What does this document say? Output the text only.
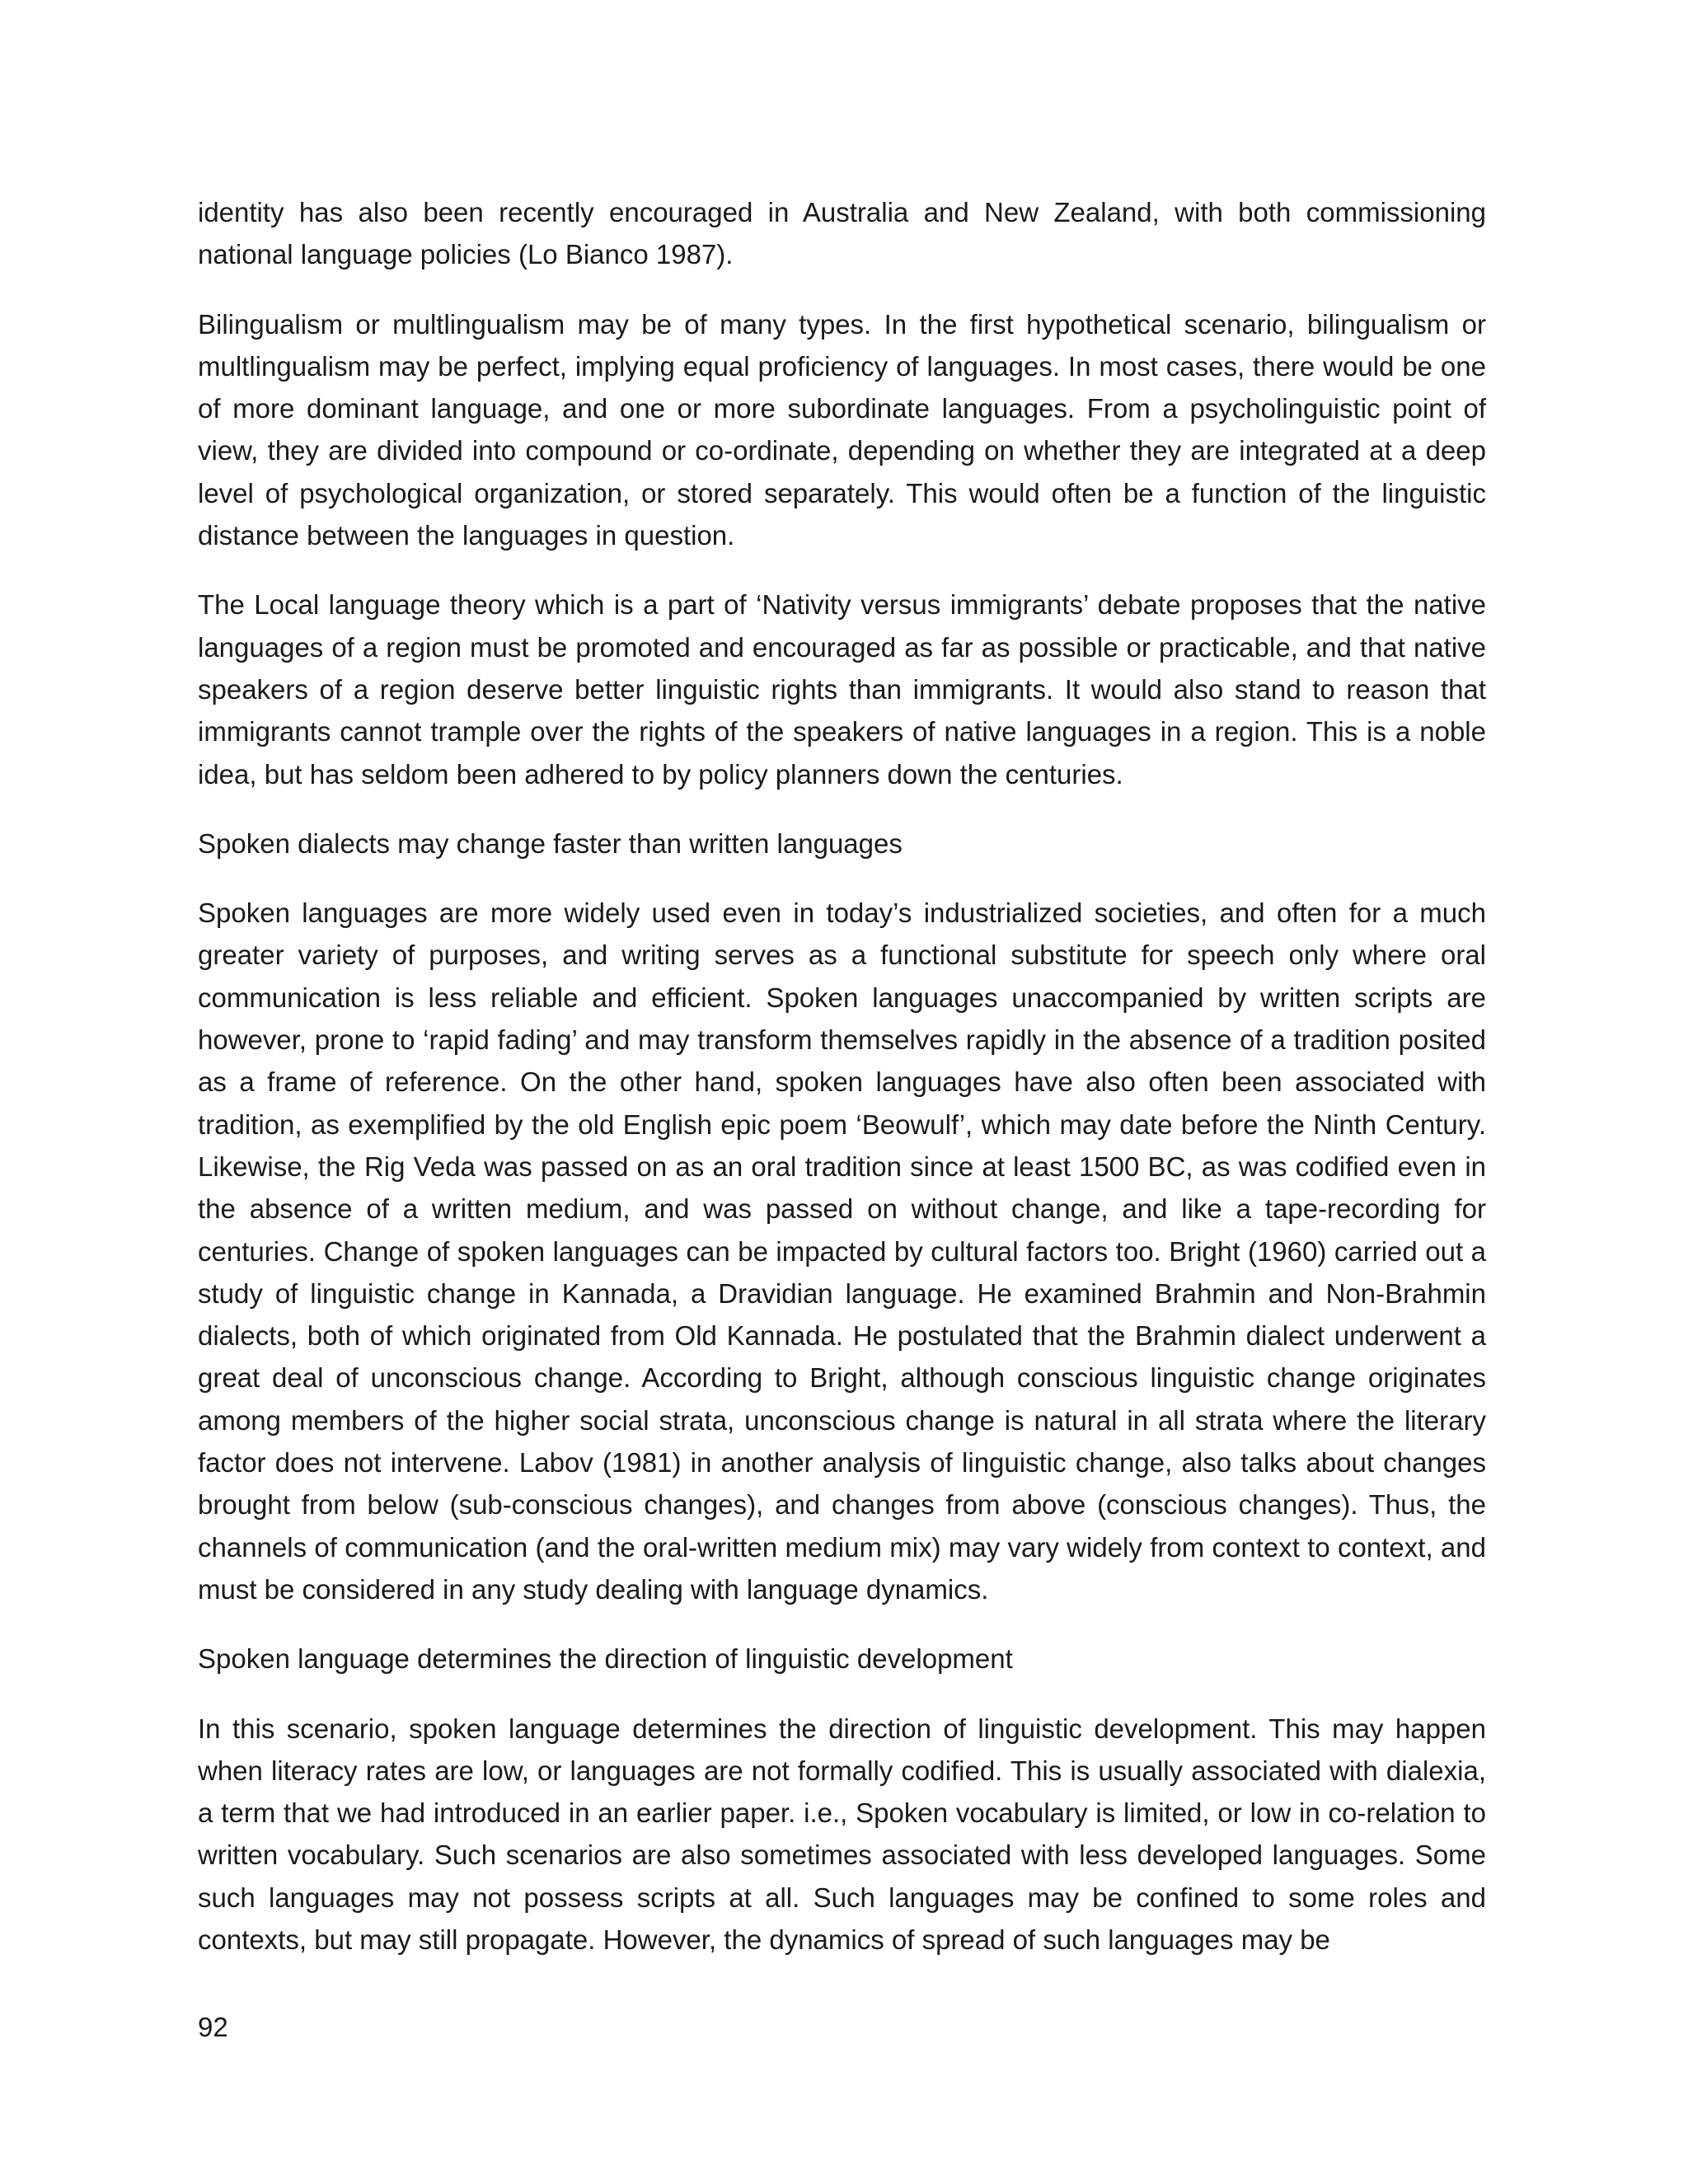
identity has also been recently encouraged in Australia and New Zealand, with both commissioning national language policies (Lo Bianco 1987).

Bilingualism or multlingualism may be of many types. In the first hypothetical scenario, bilingualism or multlingualism may be perfect, implying equal proficiency of languages. In most cases, there would be one of more dominant language, and one or more subordinate languages. From a psycholinguistic point of view, they are divided into compound or co-ordinate, depending on whether they are integrated at a deep level of psychological organization, or stored separately. This would often be a function of the linguistic distance between the languages in question.

The Local language theory which is a part of ‘Nativity versus immigrants’ debate proposes that the native languages of a region must be promoted and encouraged as far as possible or practicable, and that native speakers of a region deserve better linguistic rights than immigrants. It would also stand to reason that immigrants cannot trample over the rights of the speakers of native languages in a region. This is a noble idea, but has seldom been adhered to by policy planners down the centuries.

Spoken dialects may change faster than written languages

Spoken languages are more widely used even in today’s industrialized societies, and often for a much greater variety of purposes, and writing serves as a functional substitute for speech only where oral communication is less reliable and efficient. Spoken languages unaccompanied by written scripts are however, prone to ‘rapid fading’ and may transform themselves rapidly in the absence of a tradition posited as a frame of reference. On the other hand, spoken languages have also often been associated with tradition, as exemplified by the old English epic poem ‘Beowulf’, which may date before the Ninth Century. Likewise, the Rig Veda was passed on as an oral tradition since at least 1500 BC, as was codified even in the absence of a written medium, and was passed on without change, and like a tape-recording for centuries. Change of spoken languages can be impacted by cultural factors too. Bright (1960) carried out a study of linguistic change in Kannada, a Dravidian language. He examined Brahmin and Non-Brahmin dialects, both of which originated from Old Kannada. He postulated that the Brahmin dialect underwent a great deal of unconscious change. According to Bright, although conscious linguistic change originates among members of the higher social strata, unconscious change is natural in all strata where the literary factor does not intervene. Labov (1981) in another analysis of linguistic change, also talks about changes brought from below (sub-conscious changes), and changes from above (conscious changes). Thus, the channels of communication (and the oral-written medium mix) may vary widely from context to context, and must be considered in any study dealing with language dynamics.

Spoken language determines the direction of linguistic development

In this scenario, spoken language determines the direction of linguistic development. This may happen when literacy rates are low, or languages are not formally codified. This is usually associated with dialexia, a term that we had introduced in an earlier paper. i.e., Spoken vocabulary is limited, or low in co-relation to written vocabulary. Such scenarios are also sometimes associated with less developed languages. Some such languages may not possess scripts at all. Such languages may be confined to some roles and contexts, but may still propagate. However, the dynamics of spread of such languages may be

92
